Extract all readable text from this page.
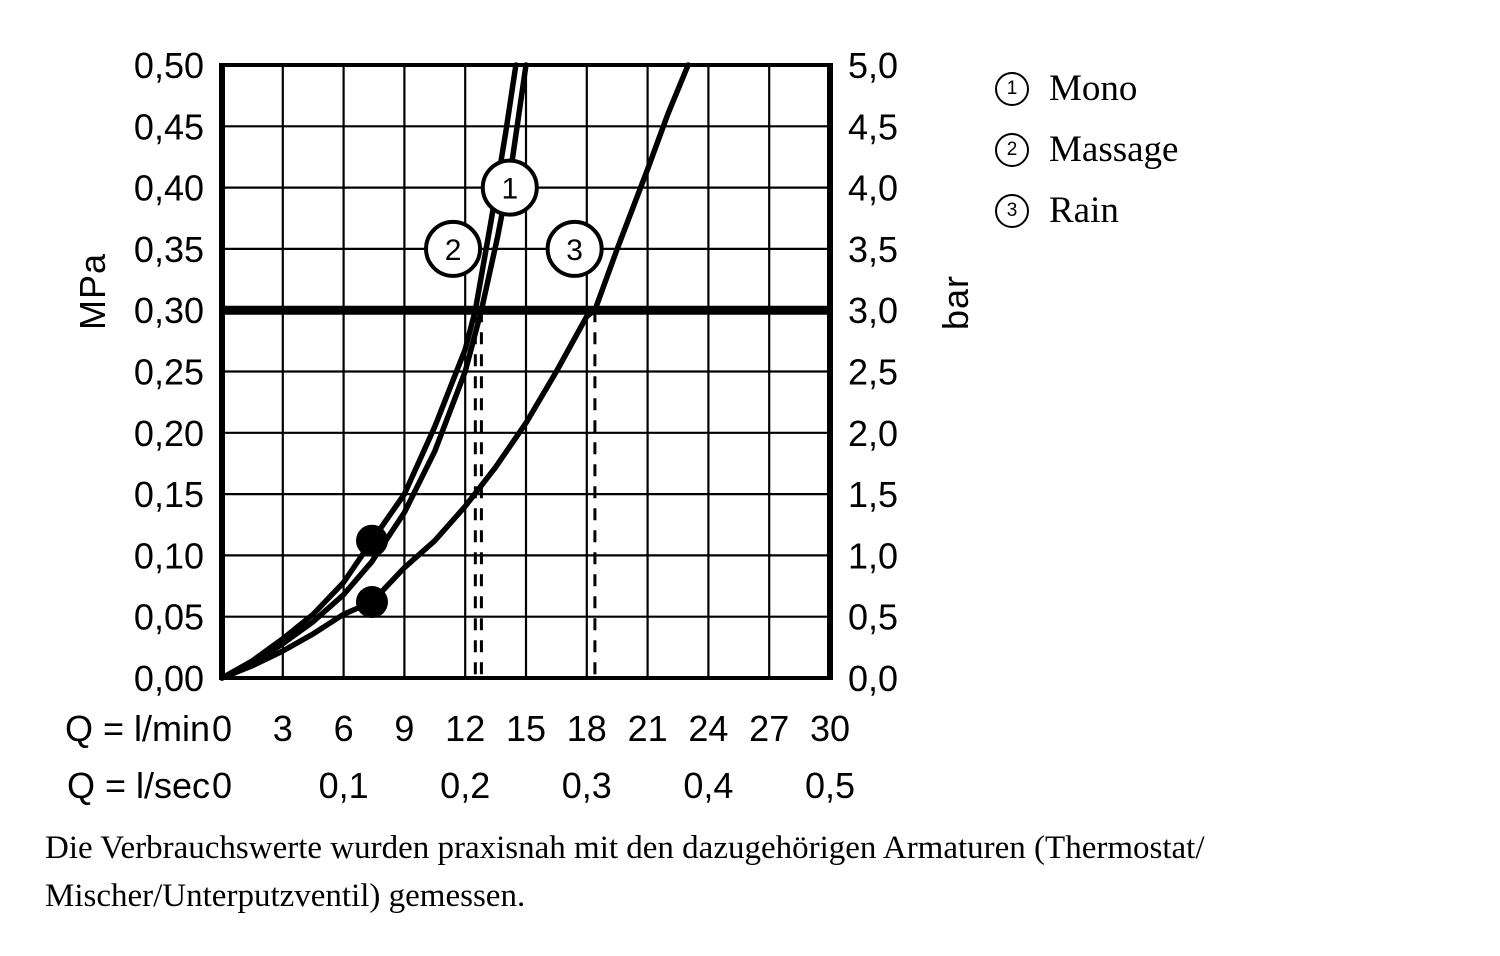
MPa	bar
0,50
0,45
0,40
0,35
0,30
0,25
0,20
0,15
0,10
0,05
0,00
5,0
4,5
4,0
3,5
3,0
2,5
2,0
1,5
1,0
0,5
0,0
0 3 6 9 12 15 18 21 24 27 30
0 0,1 0,2 0,3 0,4 0,5
Q = l/min
Q = l/sec
1
2	3
1 Mono
2 Massage
3 Rain
Die Verbrauchswerte wurden praxisnah mit den dazugehörigen Armaturen (Thermostat/ Mischer/Unterputzventil) gemessen.
